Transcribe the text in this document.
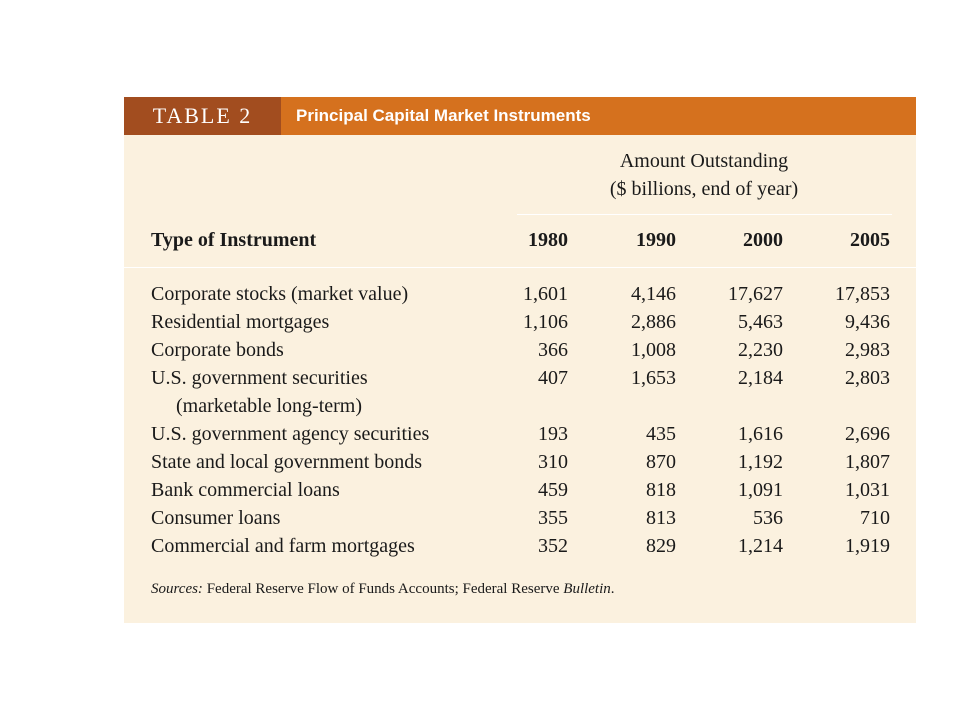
TABLE 2	Principal Capital Market Instruments
Amount Outstanding
($ billions, end of year)
Type of Instrument	1980	1990	2000	2005
Corporate stocks (market value)	1,601	4,146	17,627	17,853
Residential mortgages	1,106	2,886	5,463	9,436
Corporate bonds	366	1,008	2,230	2,983
U.S. government securities	407	1,653	2,184	2,803
(marketable long-term)
U.S. government agency securities	193	435	1,616	2,696
State and local government bonds	310	870	1,192	1,807
Bank commercial loans	459	818	1,091	1,031
Consumer loans	355	813	536	710
Commercial and farm mortgages	352	829	1,214	1,919
Sources: Federal Reserve Flow of Funds Accounts; Federal Reserve Bulletin.
